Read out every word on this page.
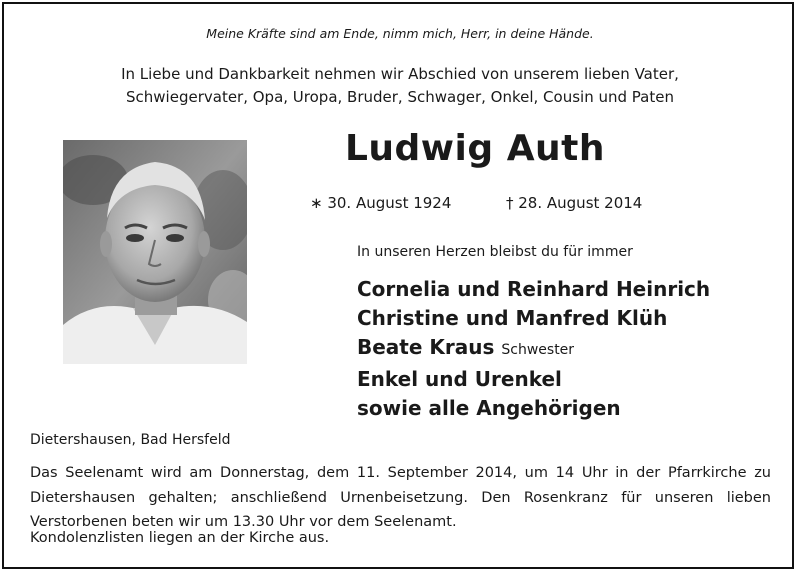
Meine Kräfte sind am Ende, nimm mich, Herr, in deine Hände.
In Liebe und Dankbarkeit nehmen wir Abschied von unserem lieben Vater,
Schwiegervater, Opa, Uropa, Bruder, Schwager, Onkel, Cousin und Paten
Ludwig Auth
∗ 30. August 1924	† 28. August 2014
In unseren Herzen bleibst du für immer
Cornelia und Reinhard Heinrich
Christine und Manfred Klüh
Beate Kraus Schwester
Enkel und Urenkel
sowie alle Angehörigen
Dietershausen, Bad Hersfeld
Das Seelenamt wird am Donnerstag, dem 11. September 2014, um 14 Uhr in der Pfarrkirche zu Dietershausen gehalten; anschließend Urnenbeisetzung. Den Rosenkranz für unseren lieben Verstorbenen beten wir um 13.30 Uhr vor dem Seelenamt.
Kondolenzlisten liegen an der Kirche aus.
